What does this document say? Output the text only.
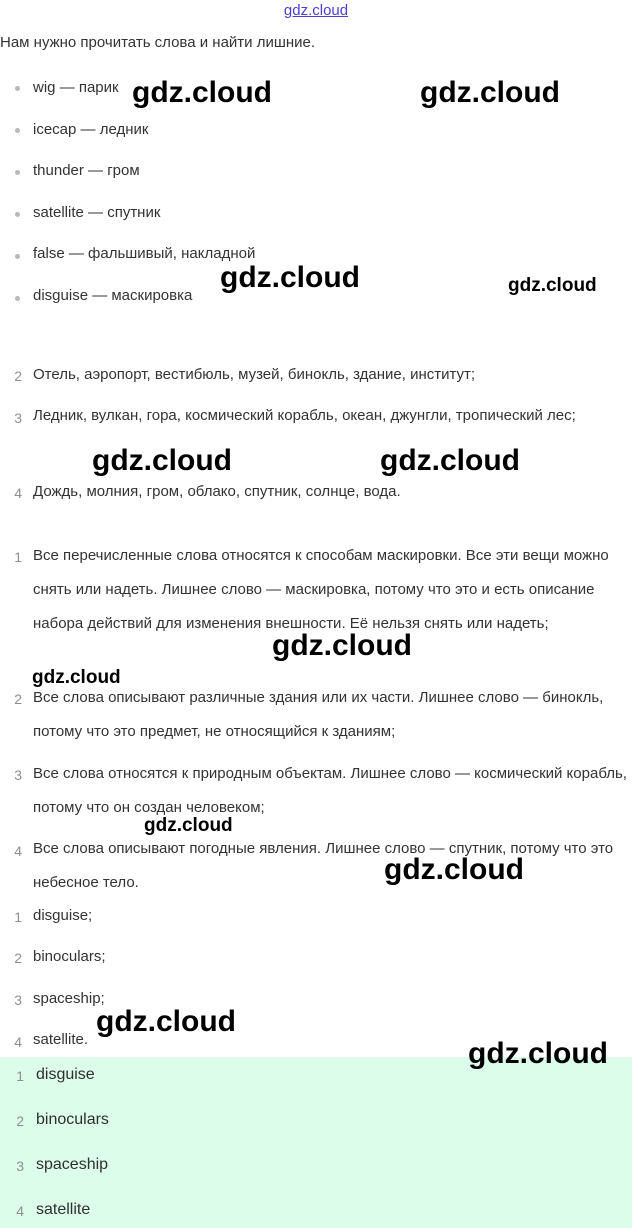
gdz.cloud
Нам нужно прочитать слова и найти лишние.
wig — парик
icecap — ледник
thunder — гром
satellite — спутник
false — фальшивый, накладной
disguise — маскировка
2 Отель, аэропорт, вестибюль, музей, бинокль, здание, институт;
3 Ледник, вулкан, гора, космический корабль, океан, джунгли, тропический лес;
4 Дождь, молния, гром, облако, спутник, солнце, вода.
1 Все перечисленные слова относятся к способам маскировки. Все эти вещи можно снять или надеть. Лишнее слово — маскировка, потому что это и есть описание набора действий для изменения внешности. Её нельзя снять или надеть;
2 Все слова описывают различные здания или их части. Лишнее слово — бинокль, потому что это предмет, не относящийся к зданиям;
3 Все слова относятся к природным объектам. Лишнее слово — космический корабль, потому что он создан человеком;
4 Все слова описывают погодные явления. Лишнее слово — спутник, потому что это небесное тело.
1 disguise;
2 binoculars;
3 spaceship;
4 satellite.
1 disguise
2 binoculars
3 spaceship
4 satellite
gdz.cloud	gdz.cloud
gdz.cloud	gdz.cloud
gdz.cloud	gdz.cloud
gdz.cloud
gdz.cloud
gdz.cloud
gdz.cloud
gdz.cloud
gdz.cloud
